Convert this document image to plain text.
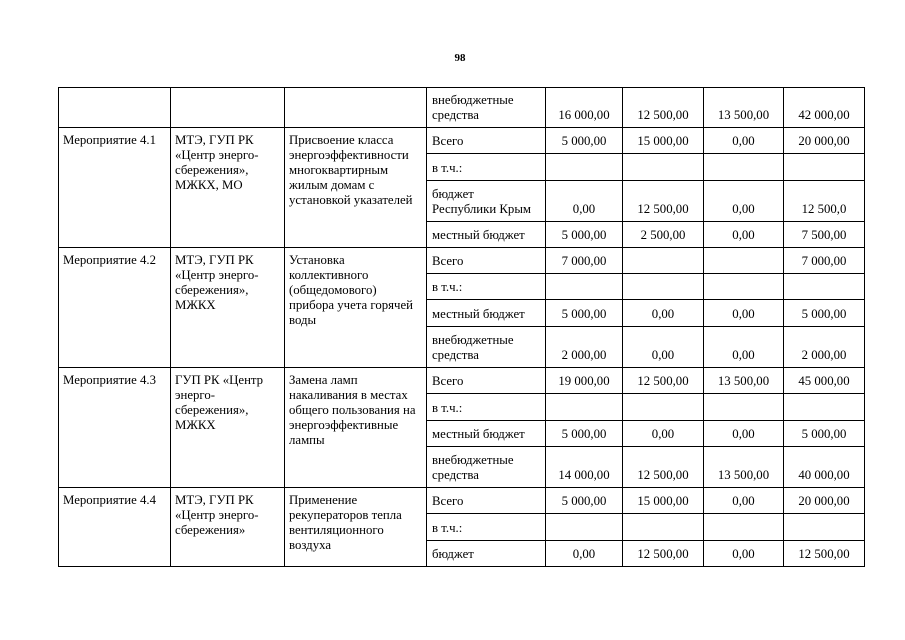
98
			внебюджетные
средства	16 000,00	12 500,00	13 500,00	42 000,00
Мероприятие 4.1	МТЭ, ГУП РК
«Центр энерго-
сбережения»,
МЖКХ, МО	Присвоение класса
энергоэффективности
многоквартирным
жилым домам с
установкой указателей	Всего	5 000,00	15 000,00	0,00	20 000,00
			в т.ч.:				
			бюджет
Республики Крым	0,00	12 500,00	0,00	12 500,0
			местный бюджет	5 000,00	2 500,00	0,00	7 500,00
Мероприятие 4.2	МТЭ, ГУП РК
«Центр энерго-
сбережения»,
МЖКХ	Установка
коллективного
(общедомового)
прибора учета горячей
воды	Всего	7 000,00			7 000,00
			в т.ч.:				
			местный бюджет	5 000,00	0,00	0,00	5 000,00
			внебюджетные
средства	2 000,00	0,00	0,00	2 000,00
Мероприятие 4.3	ГУП РК «Центр
энерго-
сбережения»,
МЖКХ	Замена ламп
накаливания в местах
общего пользования на
энергоэффективные
лампы	Всего	19 000,00	12 500,00	13 500,00	45 000,00
			в т.ч.:				
			местный бюджет	5 000,00	0,00	0,00	5 000,00
			внебюджетные
средства	14 000,00	12 500,00	13 500,00	40 000,00
Мероприятие 4.4	МТЭ, ГУП РК
«Центр энерго-
сбережения»	Применение
рекуператоров тепла
вентиляционного
воздуха	Всего	5 000,00	15 000,00	0,00	20 000,00
			в т.ч.:				
			бюджет	0,00	12 500,00	0,00	12 500,00
